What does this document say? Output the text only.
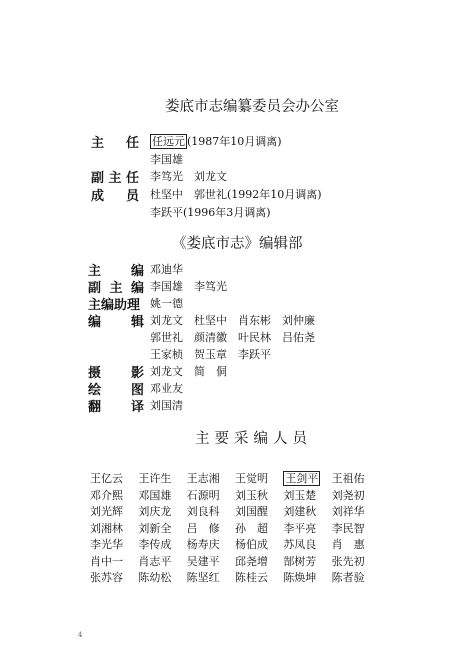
娄底市志编纂委员会办公室
主 任 任远元 (1987年10月调离)
李国雄
副 主 任 李笃光　刘龙文
成 员 杜坚中　郭世礼(1992年10月调离)
李跃平(1996年3月调离)
《娄底市志》编辑部
主 编 邓迪华
副 主 编 李国雄　李笃光
主编助理 姚一德
编 辑 刘龙文　杜坚中　肖东彬　刘仲廉
郭世礼　颜清徽　叶民林　吕佑尧
王家桢　贺玉章　李跃平
摄 影 刘龙文　简　侗
绘 图 邓业友
翻 译 刘国清
主要采编人员
王亿云	王许生	王志湘	王觉明	王剑平	王祖佑
邓介熙	邓国雄	石源明	刘玉秋	刘玉楚	刘尧初
刘光辉	刘庆龙	刘良科	刘国醒	刘建秋	刘祥华
刘湘林	刘新全	吕　修	孙　超	李平亮	李民智
李光华	李传成	杨寿庆	杨伯成	苏凤良	肖　惠
肖中一	肖志平	吴建平	邱尧增	郜树芳	张先初
张苏容	陈幼松	陈坚红	陈桂云	陈焕坤	陈者验
4
